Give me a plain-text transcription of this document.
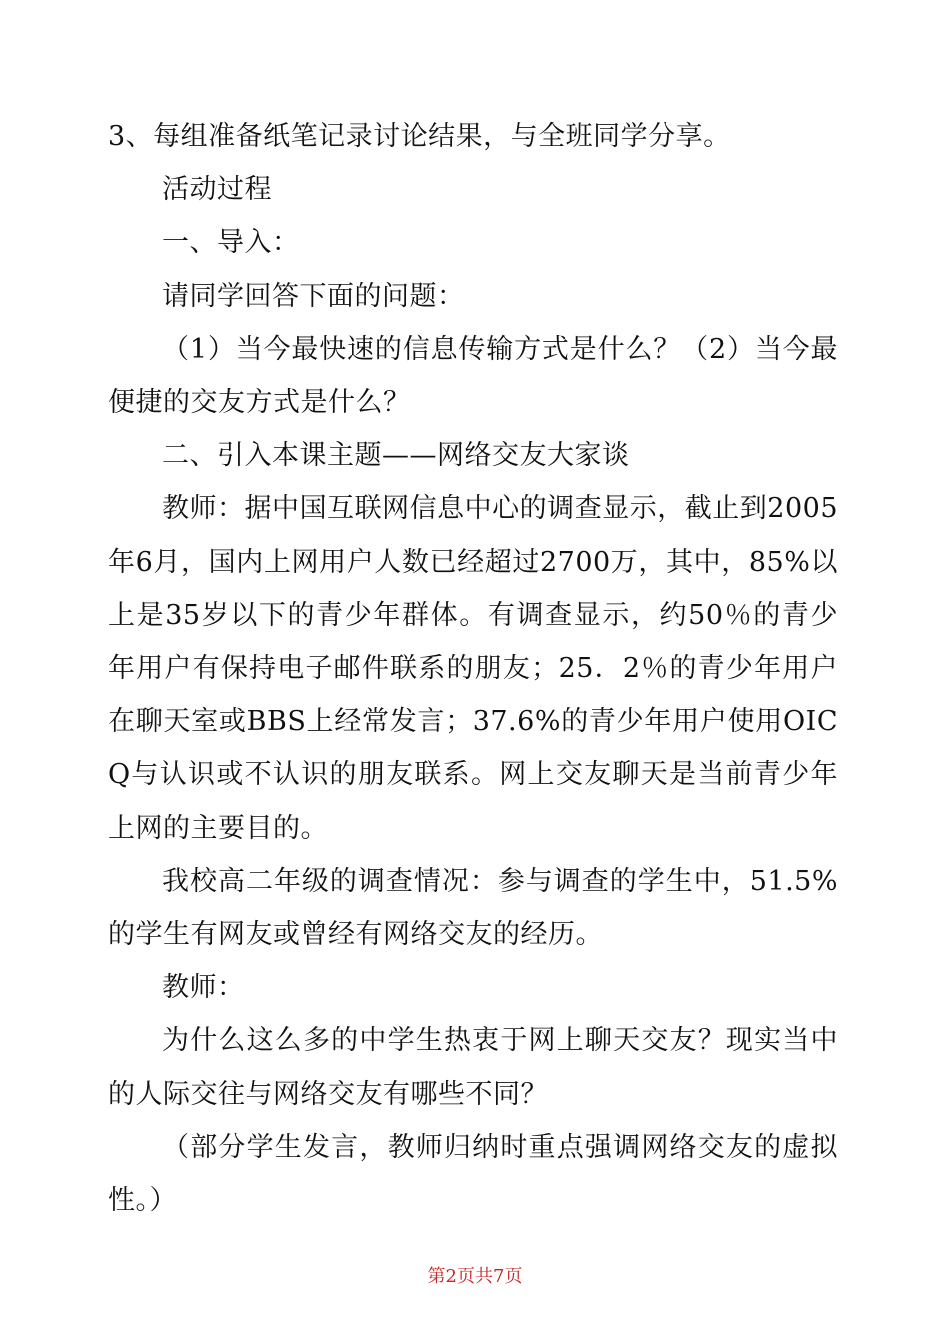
3、每组准备纸笔记录讨论结果，与全班同学分享。

活动过程

一、导入：

请同学回答下面的问题：

（1）当今最快速的信息传输方式是什么？（2）当今最便捷的交友方式是什么？

二、引入本课主题——网络交友大家谈

教师：据中国互联网信息中心的调查显示，截止到2005年6月，国内上网用户人数已经超过2700万，其中，85%以上是35岁以下的青少年群体。有调查显示，约50％的青少年用户有保持电子邮件联系的朋友；25．2％的青少年用户在聊天室或BBS上经常发言；37.6%的青少年用户使用OICQ与认识或不认识的朋友联系。网上交友聊天是当前青少年上网的主要目的。

我校高二年级的调查情况：参与调查的学生中，51.5%的学生有网友或曾经有网络交友的经历。

教师：

为什么这么多的中学生热衷于网上聊天交友？现实当中的人际交往与网络交友有哪些不同？

（部分学生发言，教师归纳时重点强调网络交友的虚拟性。）

第2页共7页
